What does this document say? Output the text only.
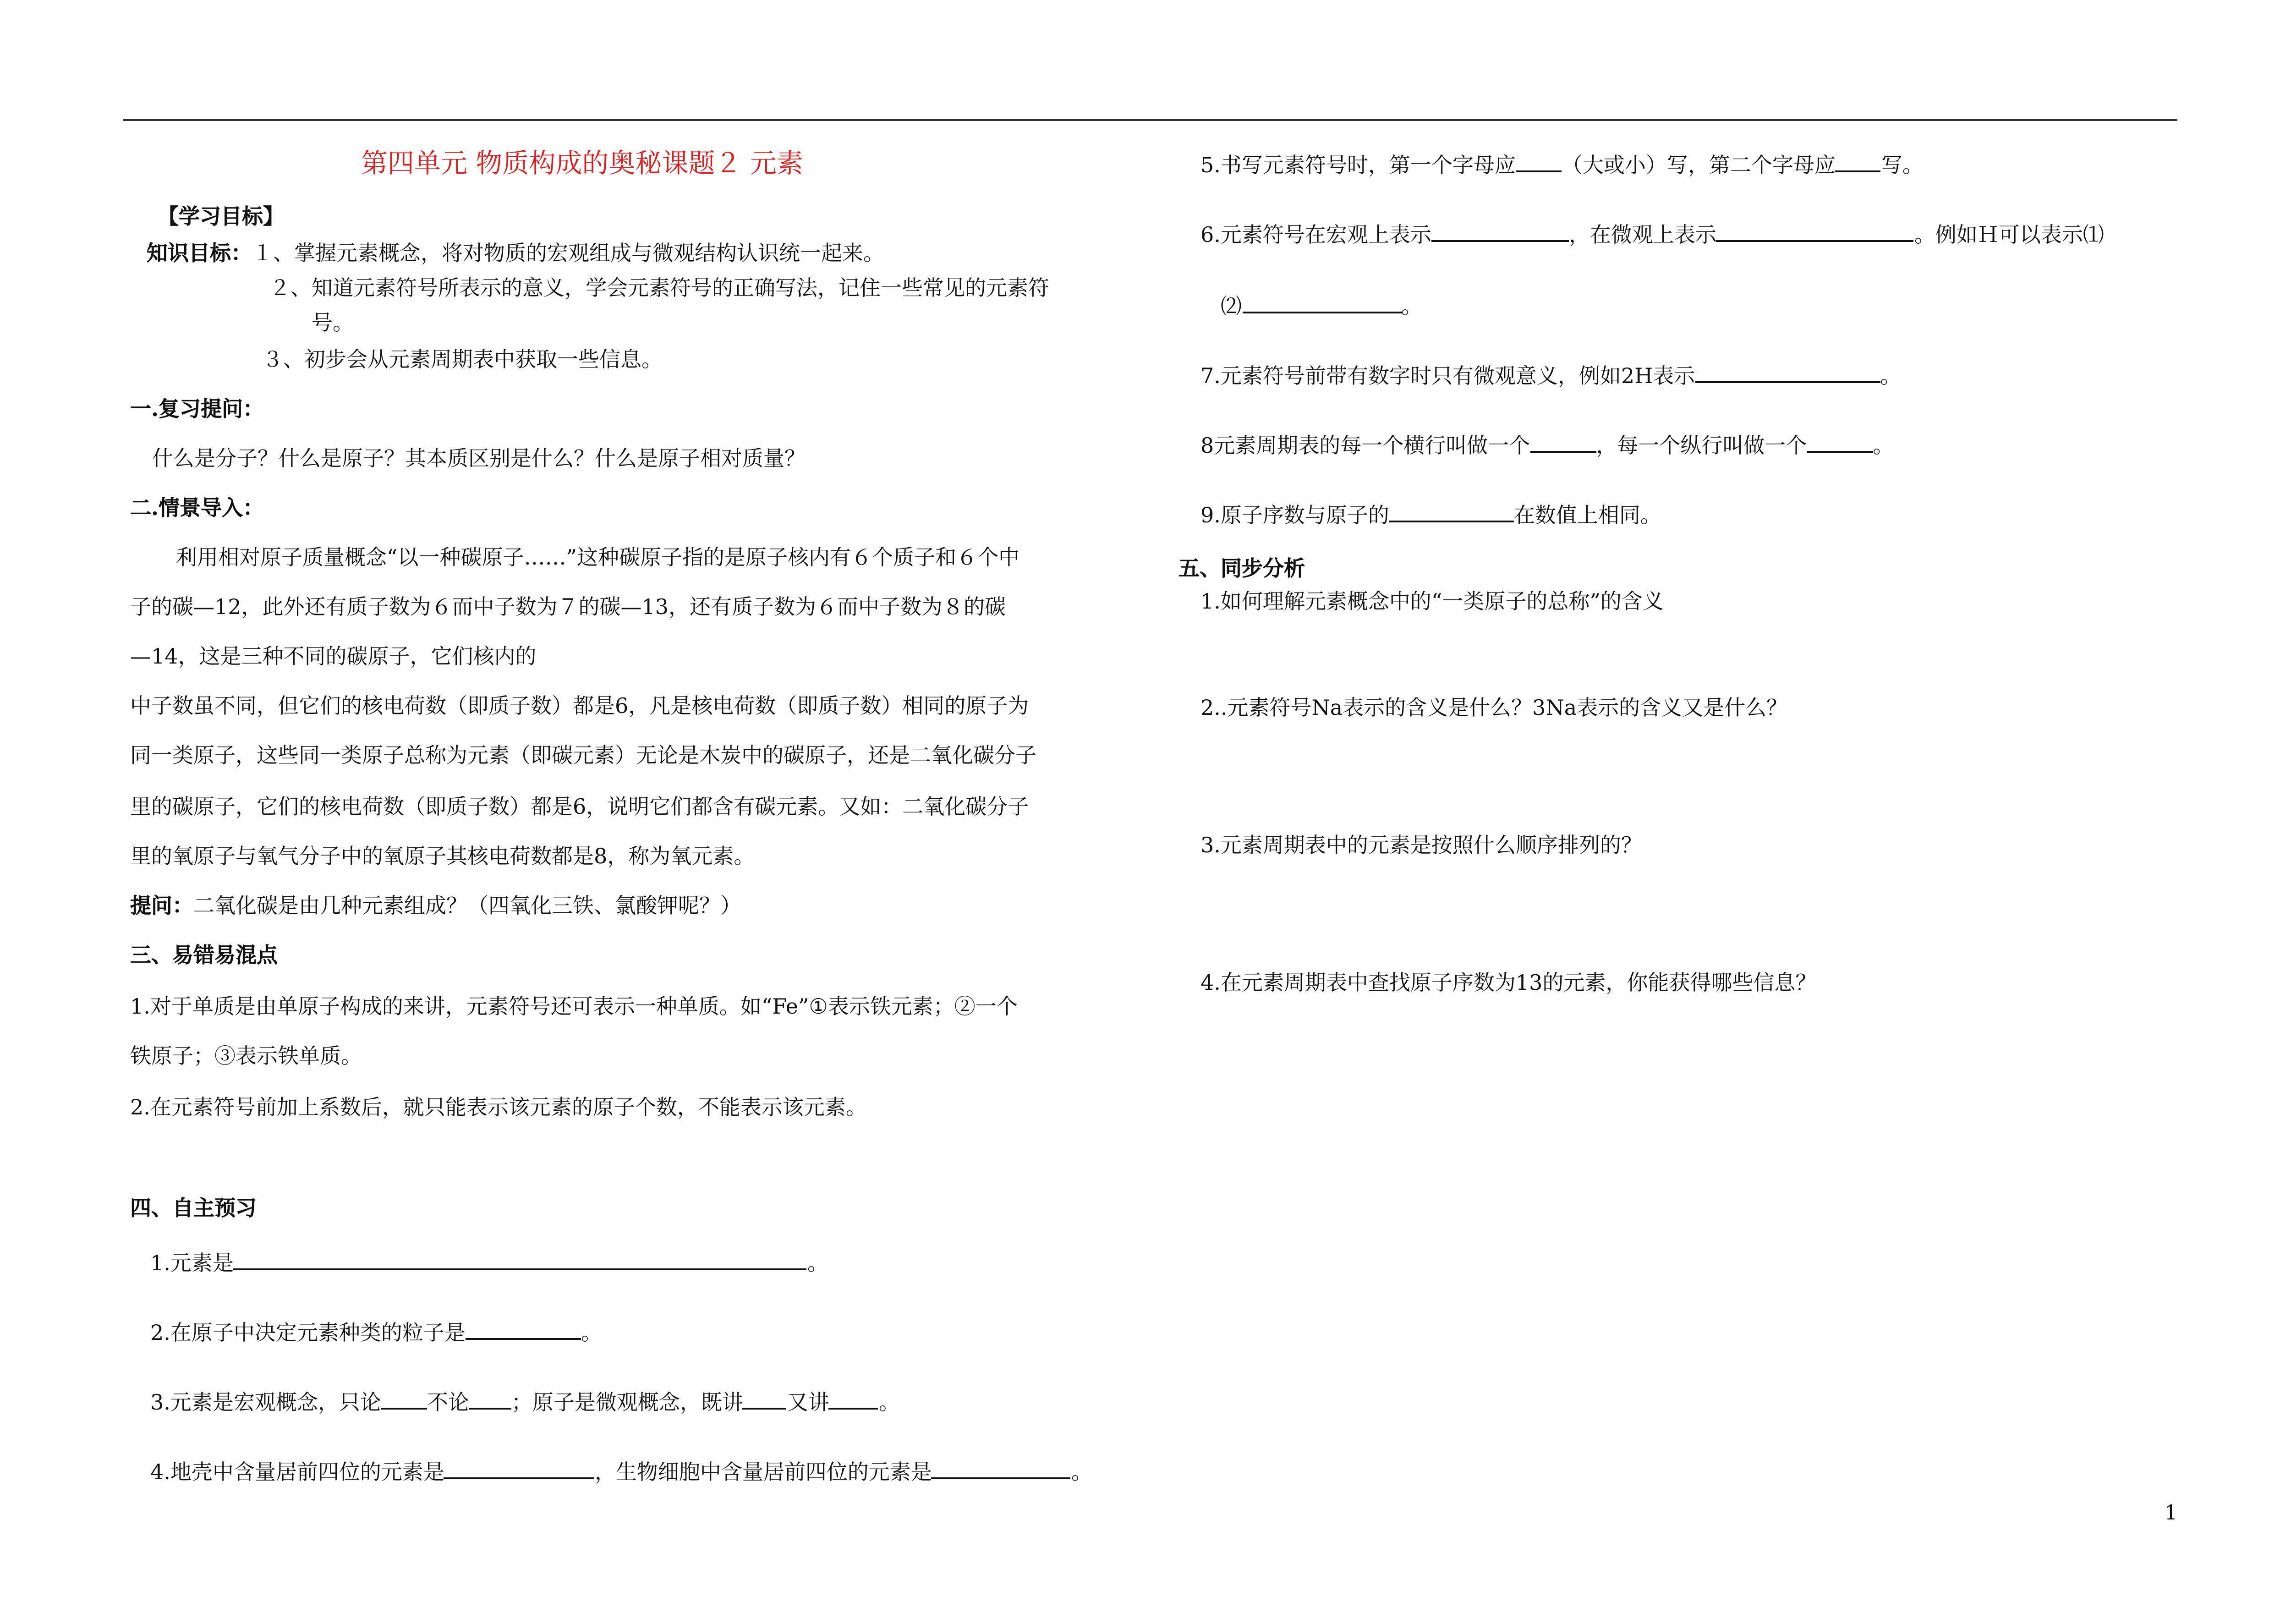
第四单元 物质构成的奥秘课题２ 元素
【学习目标】
知识目标：１、掌握元素概念，将对物质的宏观组成与微观结构认识统一起来。
２、知道元素符号所表示的意义，学会元素符号的正确写法，记住一些常见的元素符
号。
３、初步会从元素周期表中获取一些信息。
一.复习提问：
什么是分子？什么是原子？其本质区别是什么？什么是原子相对质量？
二.情景导入：
利用相对原子质量概念“以一种碳原子……”这种碳原子指的是原子核内有６个质子和６个中
子的碳—12，此外还有质子数为６而中子数为７的碳—13，还有质子数为６而中子数为８的碳
—14，这是三种不同的碳原子，它们核内的
中子数虽不同，但它们的核电荷数（即质子数）都是6，凡是核电荷数（即质子数）相同的原子为
同一类原子，这些同一类原子总称为元素（即碳元素）无论是木炭中的碳原子，还是二氧化碳分子
里的碳原子，它们的核电荷数（即质子数）都是6，说明它们都含有碳元素。又如：二氧化碳分子
里的氧原子与氧气分子中的氧原子其核电荷数都是8，称为氧元素。
提问：二氧化碳是由几种元素组成？（四氧化三铁、氯酸钾呢？）
三、易错易混点
1.对于单质是由单原子构成的来讲，元素符号还可表示一种单质。如“Fe”①表示铁元素；②一个
铁原子；③表示铁单质。
2.在元素符号前加上系数后，就只能表示该元素的原子个数，不能表示该元素。
四、自主预习
1.元素是	。
2.在原子中决定元素种类的粒子是	。
3.元素是宏观概念，只论	不论	；原子是微观概念，既讲	又讲	。
4.地壳中含量居前四位的元素是	，生物细胞中含量居前四位的元素是	。
5.书写元素符号时，第一个字母应	（大或小）写，第二个字母应	写。
6.元素符号在宏观上表示	，在微观上表示	。例如Ｈ可以表示⑴
⑵	。
7.元素符号前带有数字时只有微观意义，例如2H表示	。
8元素周期表的每一个横行叫做一个	，每一个纵行叫做一个	。
9.原子序数与原子的	在数值上相同。
五、同步分析
1.如何理解元素概念中的“一类原子的总称”的含义
2..元素符号Na表示的含义是什么？3Na表示的含义又是什么？
3.元素周期表中的元素是按照什么顺序排列的？
4.在元素周期表中查找原子序数为13的元素，你能获得哪些信息？
1
